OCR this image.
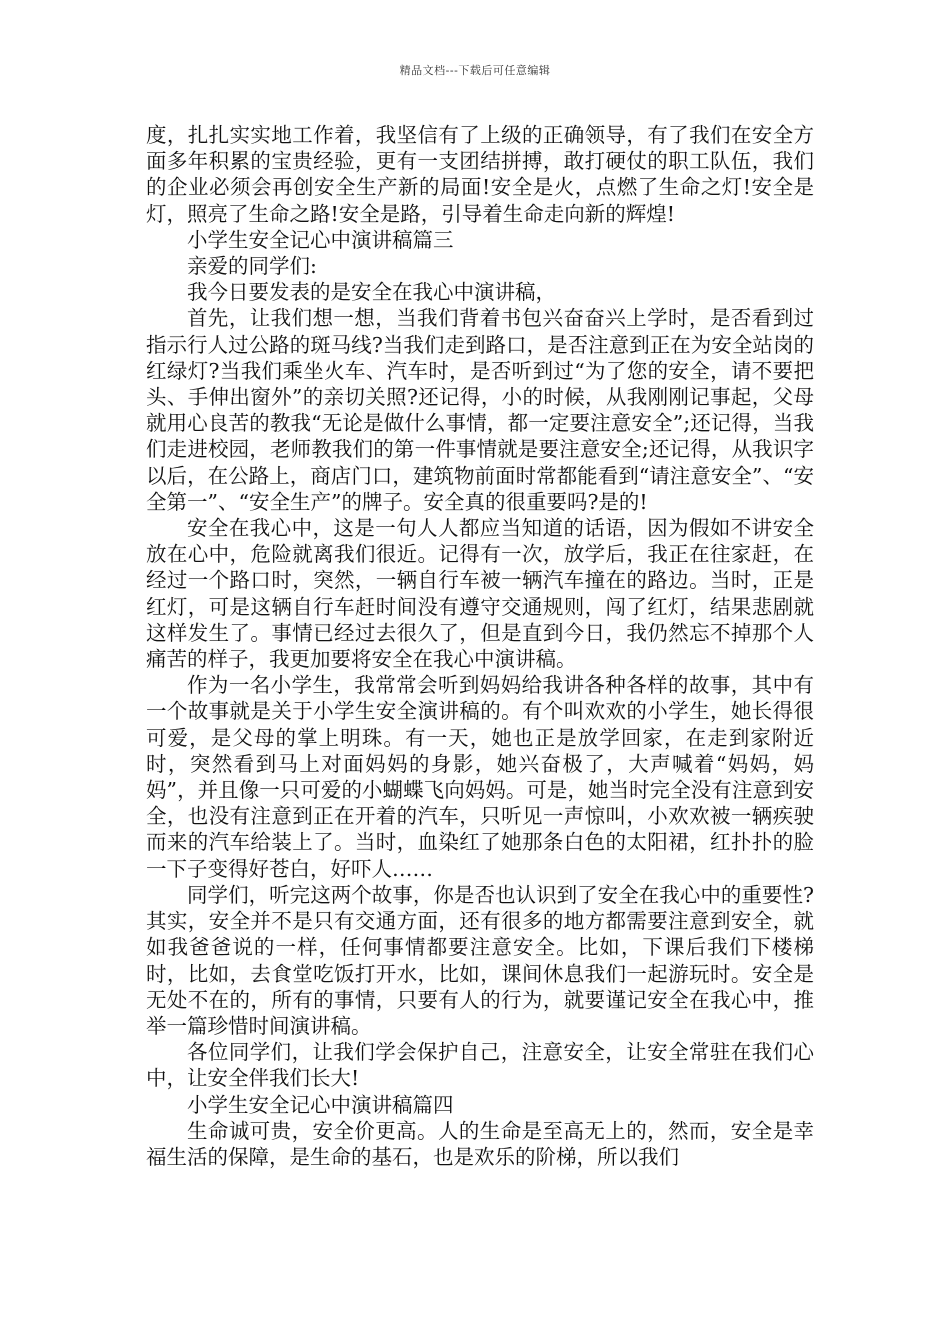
精品文档---下载后可任意编辑

度，扎扎实实地工作着，我坚信有了上级的正确领导，有了我们在安全方面多年积累的宝贵经验，更有一支团结拼搏，敢打硬仗的职工队伍，我们的企业必须会再创安全生产新的局面!安全是火，点燃了生命之灯!安全是灯，照亮了生命之路!安全是路，引导着生命走向新的辉煌!

小学生安全记心中演讲稿篇三

亲爱的同学们:

我今日要发表的是安全在我心中演讲稿，

首先，让我们想一想，当我们背着书包兴奋奋兴上学时，是否看到过指示行人过公路的斑马线?当我们走到路口，是否注意到正在为安全站岗的红绿灯?当我们乘坐火车、汽车时，是否听到过“为了您的安全，请不要把头、手伸出窗外”的亲切关照?还记得，小的时候，从我刚刚记事起，父母就用心良苦的教我“无论是做什么事情，都一定要注意安全”;还记得，当我们走进校园，老师教我们的第一件事情就是要注意安全;还记得，从我识字以后，在公路上，商店门口，建筑物前面时常都能看到“请注意安全”、“安全第一”、“安全生产”的牌子。安全真的很重要吗?是的!

安全在我心中，这是一句人人都应当知道的话语，因为假如不讲安全放在心中，危险就离我们很近。记得有一次，放学后，我正在往家赶，在经过一个路口时，突然，一辆自行车被一辆汽车撞在的路边。当时，正是红灯，可是这辆自行车赶时间没有遵守交通规则，闯了红灯，结果悲剧就这样发生了。事情已经过去很久了，但是直到今日，我仍然忘不掉那个人痛苦的样子，我更加要将安全在我心中演讲稿。

作为一名小学生，我常常会听到妈妈给我讲各种各样的故事，其中有一个故事就是关于小学生安全演讲稿的。有个叫欢欢的小学生，她长得很可爱，是父母的掌上明珠。有一天，她也正是放学回家，在走到家附近时，突然看到马上对面妈妈的身影，她兴奋极了，大声喊着“妈妈，妈妈”，并且像一只可爱的小蝴蝶飞向妈妈。可是，她当时完全没有注意到安全，也没有注意到正在开着的汽车，只听见一声惊叫，小欢欢被一辆疾驶而来的汽车给装上了。当时，血染红了她那条白色的太阳裙，红扑扑的脸一下子变得好苍白，好吓人……

同学们，听完这两个故事，你是否也认识到了安全在我心中的重要性?其实，安全并不是只有交通方面，还有很多的地方都需要注意到安全，就如我爸爸说的一样，任何事情都要注意安全。比如，下课后我们下楼梯时，比如，去食堂吃饭打开水，比如，课间休息我们一起游玩时。安全是无处不在的，所有的事情，只要有人的行为，就要谨记安全在我心中，推举一篇珍惜时间演讲稿。

各位同学们，让我们学会保护自己，注意安全，让安全常驻在我们心中，让安全伴我们长大!

小学生安全记心中演讲稿篇四

生命诚可贵，安全价更高。人的生命是至高无上的，然而，安全是幸福生活的保障，是生命的基石，也是欢乐的阶梯，所以我们
